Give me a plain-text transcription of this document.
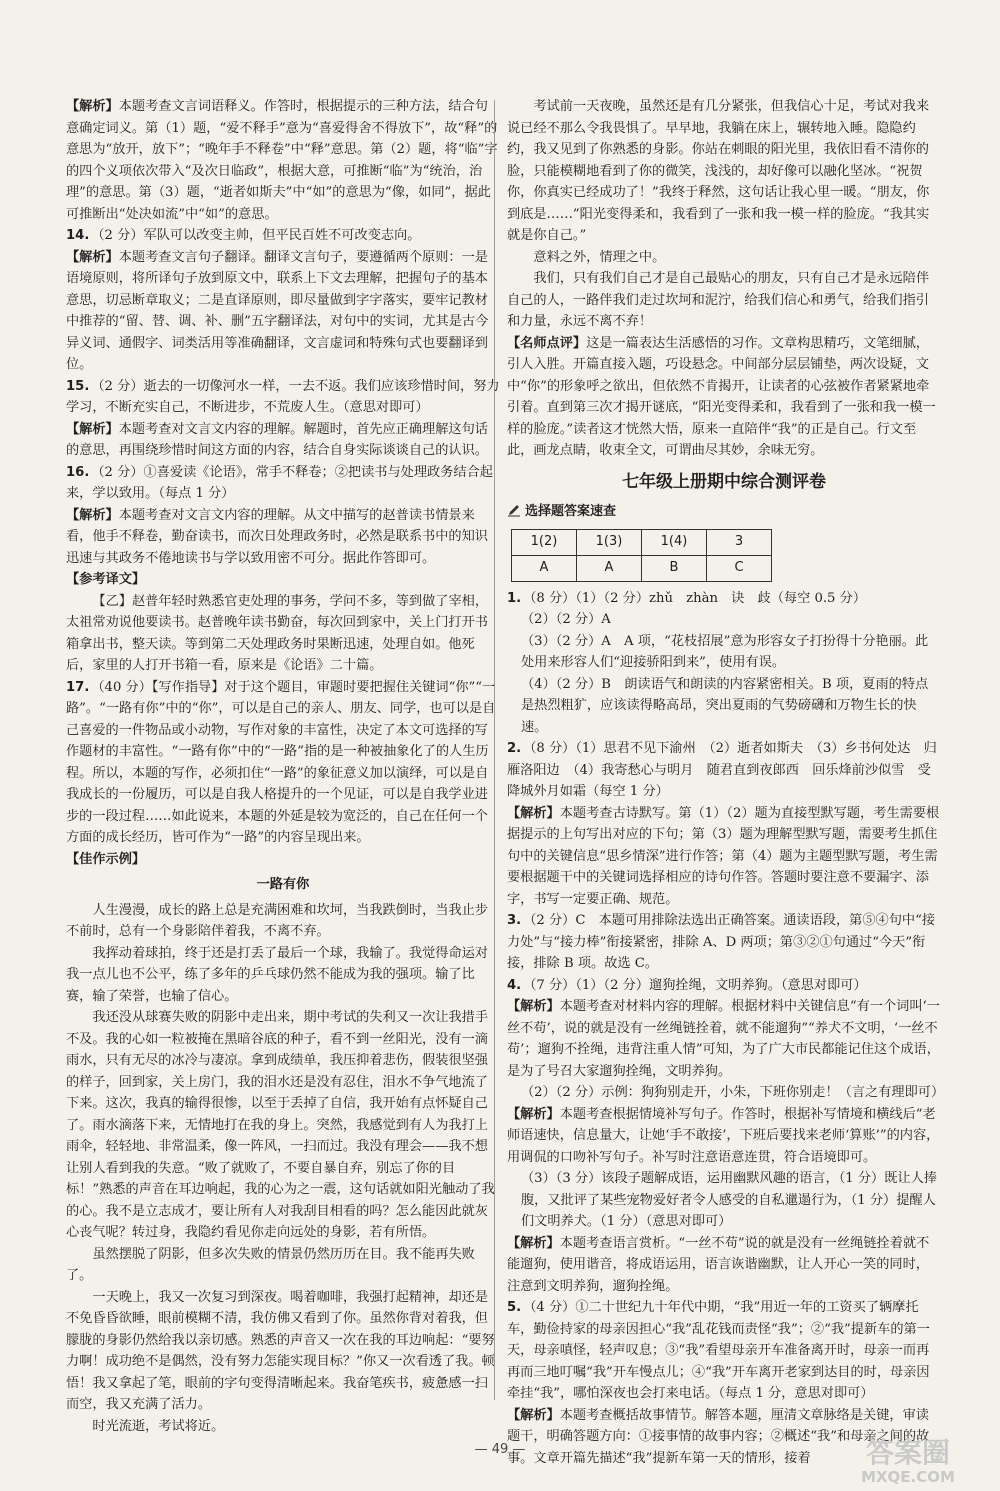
【解析】本题考查文言词语释义。作答时，根据提示的三种方法，结合句意确定词义。第（1）题，“爱不释手”意为“喜爱得舍不得放下”，故“释”的意思为“放开，放下”；“晚年手不释卷”中“释”意思。第（2）题，将“临”字的四个义项依次带入“及次日临政”，根据大意，可推断“临”为“统治，治理”的意思。第（3）题，“逝者如斯夫”中“如”的意思为“像，如同”，据此可推断出“处决如流”中“如”的意思。

14. （2 分）军队可以改变主帅，但平民百姓不可改变志向。

【解析】本题考查文言句子翻译。翻译文言句子，要遵循两个原则：一是语境原则，将所译句子放到原文中，联系上下文去理解，把握句子的基本意思，切忌断章取义；二是直译原则，即尽量做到字字落实，要牢记教材中推荐的“留、替、调、补、删”五字翻译法，对句中的实词，尤其是古今异义词、通假字、词类活用等准确翻译，文言虚词和特殊句式也要翻译到位。

15. （2 分）逝去的一切像河水一样，一去不返。我们应该珍惜时间，努力学习，不断充实自己，不断进步，不荒废人生。（意思对即可）

【解析】本题考查对文言文内容的理解。解题时，首先应正确理解这句话的意思，再围绕珍惜时间这方面的内容，结合自身实际谈谈自己的认识。

16. （2 分）①喜爱读《论语》，常手不释卷；②把读书与处理政务结合起来，学以致用。（每点 1 分）

【解析】本题考查对文言文内容的理解。从文中描写的赵普读书情景来看，他手不释卷，勤奋读书，而次日处理政务时，必然是联系书中的知识迅速与其政务不倦地读书与学以致用密不可分。据此作答即可。

【参考译文】

【乙】赵普年轻时熟悉官吏处理的事务，学问不多，等到做了宰相，太祖常劝说他要读书。赵普晚年读书勤奋，每次回到家中，关上门打开书箱拿出书，整天读。等到第二天处理政务时果断迅速，处理自如。他死后，家里的人打开书箱一看，原来是《论语》二十篇。

17. （40 分）【写作指导】对于这个题目，审题时要把握住关键词“你”“一路”。“一路有你”中的“你”，可以是自己的亲人、朋友、同学，也可以是自己喜爱的一件物品或小动物，写作对象的丰富性，决定了本文可选择的写作题材的丰富性。“一路有你”中的“一路”指的是一种被抽象化了的人生历程。所以，本题的写作，必须扣住“一路”的象征意义加以演绎，可以是自我成长的一份履历，可以是自我人格提升的一个见证，可以是自我学业进步的一段过程……如此说来，本题的外延是较为宽泛的，自己在任何一个方面的成长经历，皆可作为“一路”的内容呈现出来。

【佳作示例】

一路有你

人生漫漫，成长的路上总是充满困难和坎坷，当我跌倒时，当我止步不前时，总有一个身影陪伴着我，不离不弃。

我挥动着球拍，终于还是打丢了最后一个球，我输了。我觉得命运对我一点儿也不公平，练了多年的乒乓球仍然不能成为我的强项。输了比赛，输了荣誉，也输了信心。

我还没从球赛失败的阴影中走出来，期中考试的失利又一次让我措手不及。我的心如一粒被掩在黑暗谷底的种子，看不到一丝阳光，没有一滴雨水，只有无尽的冰冷与凄凉。拿到成绩单，我压抑着悲伤，假装很坚强的样子，回到家，关上房门，我的泪水还是没有忍住，泪水不争气地流了下来。这次，我真的输得很惨，以至于丢掉了自信，我开始有点怀疑自己了。雨水滴落下来，无情地打在我的身上。突然，我感觉到有人为我打上雨伞，轻轻地、非常温柔，像一阵风，一扫而过。我没有理会——我不想让别人看到我的失意。“败了就败了，不要自暴自弃，别忘了你的目标！”熟悉的声音在耳边响起，我的心为之一震，这句话就如阳光触动了我的心。我不是立志成才，要让所有人对我刮目相看的吗？怎么能因此就灰心丧气呢？转过身，我隐约看见你走向远处的身影，若有所悟。

虽然摆脱了阴影，但多次失败的情景仍然历历在目。我不能再失败了。

一天晚上，我又一次复习到深夜。喝着咖啡，我强打起精神，却还是不免昏昏欲睡，眼前模糊不清，我仿佛又看到了你。虽然你背对着我，但朦胧的身影仍然给我以亲切感。熟悉的声音又一次在我的耳边响起：“要努力啊！成功绝不是偶然，没有努力怎能实现目标？”你又一次看透了我。顿悟！我又拿起了笔，眼前的字句变得清晰起来。我奋笔疾书，疲惫感一扫而空，我又充满了活力。

时光流逝，考试将近。

考试前一天夜晚，虽然还是有几分紧张，但我信心十足，考试对我来说已经不那么令我畏惧了。早早地，我躺在床上，辗转地入睡。隐隐约约，我又见到了你熟悉的身影。你站在刺眼的阳光里，我依旧看不清你的脸，只能模糊地看到了你的微笑，浅浅的，却好像可以融化坚冰。“祝贺你，你真实已经成功了！”我终于释然，这句话让我心里一暖。“朋友，你到底是……”阳光变得柔和，我看到了一张和我一模一样的脸庞。“我其实就是你自己。”

意料之外，情理之中。

我们，只有我们自己才是自己最贴心的朋友，只有自己才是永远陪伴自己的人，一路伴我们走过坎坷和泥泞，给我们信心和勇气，给我们指引和力量，永远不离不弃！

【名师点评】这是一篇表达生活感悟的习作。文章构思精巧，文笔细腻，引人入胜。开篇直接入题，巧设悬念。中间部分层层铺垫，两次设疑，文中“你”的形象呼之欲出，但依然不肯揭开，让读者的心弦被作者紧紧地牵引着。直到第三次才揭开谜底，“阳光变得柔和，我看到了一张和我一模一样的脸庞。”读者这才恍然大悟，原来一直陪伴“我”的正是自己。行文至此，画龙点睛，收束全文，可谓曲尽其妙，余味无穷。

七年级上册期中综合测评卷
选择题答案速查
1(2)	1(3)	1(4)	3
A	A	B	C

1. （8 分）（1）（2 分）zhǔ　zhàn　诀　歧（每空 0.5 分）

（2）（2 分）A

（3）（2 分）A　A 项，“花枝招展”意为形容女子打扮得十分艳丽。此处用来形容人们“迎接骄阳到来”，使用有误。

（4）（2 分）B　朗读语气和朗读的内容紧密相关。B 项，夏雨的特点是热烈粗犷，应该读得略高昂，突出夏雨的气势磅礴和万物生长的快速。

2. （8 分）（1）思君不见下渝州　（2）逝者如斯夫　（3）乡书何处达　归雁洛阳边　（4）我寄愁心与明月　随君直到夜郎西　回乐烽前沙似雪　受降城外月如霜（每空 1 分）

【解析】本题考查古诗默写。第（1）（2）题为直接型默写题，考生需要根据提示的上句写出对应的下句；第（3）题为理解型默写题，需要考生抓住句中的关键信息“思乡情深”进行作答；第（4）题为主题型默写题，考生需要根据题干中的关键词选择相应的诗句作答。答题时要注意不要漏字、添字，书写一定要正确、规范。

3. （2 分）C　本题可用排除法选出正确答案。通读语段，第⑤④句中“接力处”与“接力棒”衔接紧密，排除 A、D 两项；第③②①句通过“今天”衔接，排除 B 项。故选 C。

4. （7 分）（1）（2 分）遛狗拴绳，文明养狗。（意思对即可）

【解析】本题考查对材料内容的理解。根据材料中关键信息“有一个词叫‘一丝不苟’，说的就是没有一丝绳链拴着，就不能遛狗”“养犬不文明，‘一丝不苟’；遛狗不拴绳，违背注重人情”可知，为了广大市民都能记住这个成语，是为了号召大家遛狗拴绳，文明养狗。

（2）（2 分）示例：狗狗别走开，小朱，下班你别走！（言之有理即可）

【解析】本题考查根据情境补写句子。作答时，根据补写情境和横线后“老师语速快，信息量大，让她‘手不敢接’，下班后要找来老师‘算账’”的内容，用调侃的口吻补写句子。补写时注意语意连贯，符合语境即可。

（3）（3 分）该段子题解成语，运用幽默风趣的语言，（1 分）既让人捧腹，又批评了某些宠物爱好者令人感受的自私邋遢行为，（1 分）提醒人们文明养犬。（1 分）（意思对即可）

【解析】本题考查语言赏析。“一丝不苟”说的就是没有一丝绳链拴着就不能遛狗，使用谐音，将成语运用，语言诙谐幽默，让人开心一笑的同时，注意到文明养狗，遛狗拴绳。

5. （4 分）①二十世纪九十年代中期，“我”用近一年的工资买了辆摩托车，勤俭持家的母亲因担心“我”乱花钱而责怪“我”；②“我”提新车的第一天，母亲嗔怪，轻声叹息；③“我”看望母亲开车准备离开时，母亲一而再再而三地叮嘱“我”开车慢点儿；④“我”开车离开老家到达目的时，母亲因牵挂“我”，哪怕深夜也会打来电话。（每点 1 分，意思对即可）

【解析】本题考查概括故事情节。解答本题，厘清文章脉络是关键，审读题干，明确答题方向：①接事情的故事内容；②概述“我”和母亲之间的故事。文章开篇先描述“我”提新车第一天的情形，接着

— 49 —	答案圈
MXQE.COM
